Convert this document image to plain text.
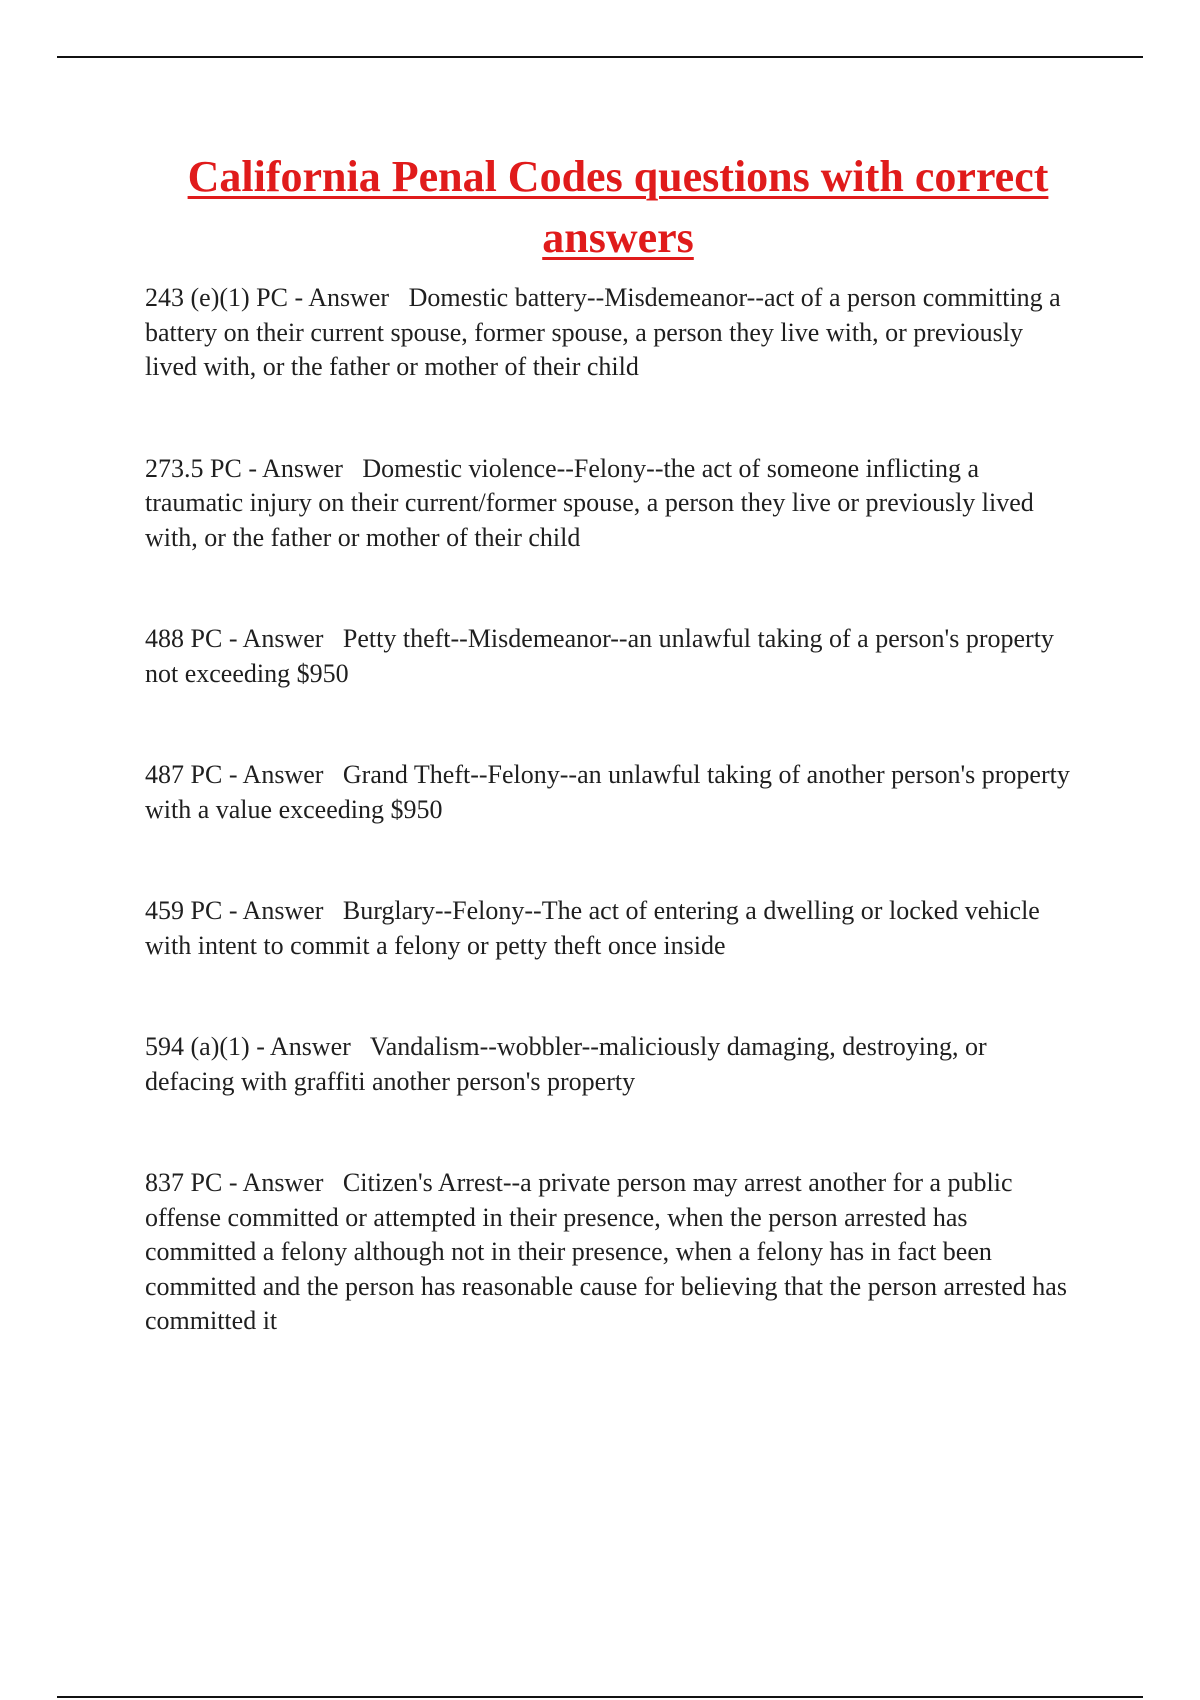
California Penal Codes questions with correct answers

243 (e)(1) PC - Answer   Domestic battery--Misdemeanor--act of a person committing a battery on their current spouse, former spouse, a person they live with, or previously lived with, or the father or mother of their child

273.5 PC - Answer   Domestic violence--Felony--the act of someone inflicting a traumatic injury on their current/former spouse, a person they live or previously lived with, or the father or mother of their child

488 PC - Answer   Petty theft--Misdemeanor--an unlawful taking of a person's property not exceeding $950

487 PC - Answer   Grand Theft--Felony--an unlawful taking of another person's property with a value exceeding $950

459 PC - Answer   Burglary--Felony--The act of entering a dwelling or locked vehicle with intent to commit a felony or petty theft once inside

594 (a)(1) - Answer   Vandalism--wobbler--maliciously damaging, destroying, or defacing with graffiti another person's property

837 PC - Answer   Citizen's Arrest--a private person may arrest another for a public offense committed or attempted in their presence, when the person arrested has committed a felony although not in their presence, when a felony has in fact been committed and the person has reasonable cause for believing that the person arrested has committed it
